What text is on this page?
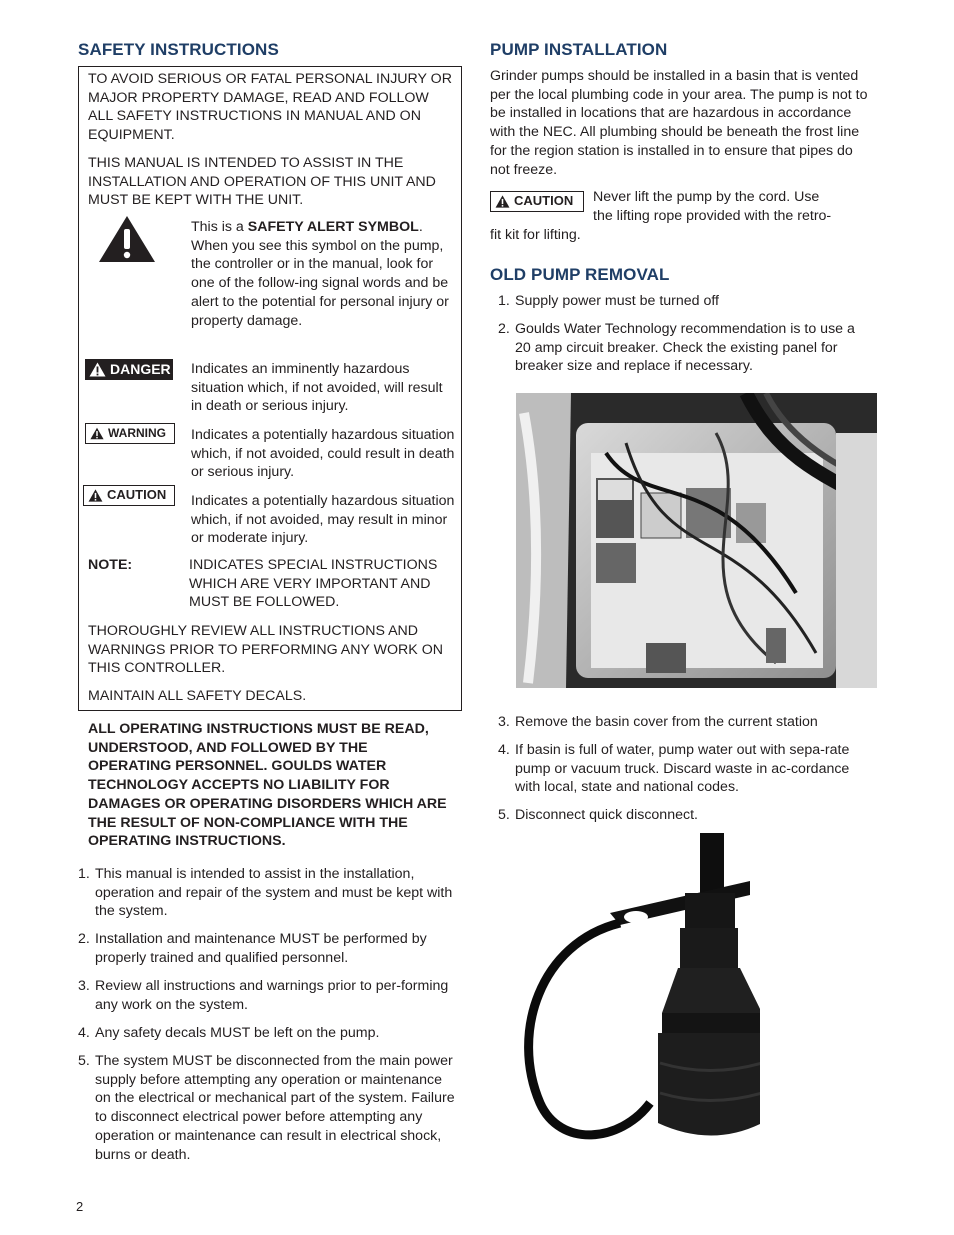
SAFETY INSTRUCTIONS
TO AVOID SERIOUS OR FATAL PERSONAL INJURY OR MAJOR PROPERTY DAMAGE, READ AND FOLLOW ALL SAFETY INSTRUCTIONS IN MANUAL AND ON EQUIPMENT.
THIS MANUAL IS INTENDED TO ASSIST IN THE INSTALLATION AND OPERATION OF THIS UNIT AND MUST BE KEPT WITH THE UNIT.
This is a SAFETY ALERT SYMBOL. When you see this symbol on the pump, the controller or in the manual, look for one of the follow-ing signal words and be alert to the potential for personal injury or property damage.
DANGER Indicates an imminently hazardous situation which, if not avoided, will result in death or serious injury.
WARNING Indicates a potentially hazardous situation which, if not avoided, could result in death or serious injury.
CAUTION Indicates a potentially hazardous situation which, if not avoided, may result in minor or moderate injury.
NOTE:	INDICATES SPECIAL INSTRUCTIONS WHICH ARE VERY IMPORTANT AND MUST BE FOLLOWED.
THOROUGHLY REVIEW ALL INSTRUCTIONS AND WARNINGS PRIOR TO PERFORMING ANY WORK ON THIS CONTROLLER.
MAINTAIN ALL SAFETY DECALS.
ALL OPERATING INSTRUCTIONS MUST BE READ, UNDERSTOOD, AND FOLLOWED BY THE OPERATING PERSONNEL. GOULDS WATER TECHNOLOGY ACCEPTS NO LIABILITY FOR DAMAGES OR OPERATING DISORDERS WHICH ARE THE RESULT OF NON-COMPLIANCE WITH THE OPERATING INSTRUCTIONS.
1. This manual is intended to assist in the installation, operation and repair of the system and must be kept with the system.
2. Installation and maintenance MUST be performed by properly trained and qualified personnel.
3. Review all instructions and warnings prior to per-forming any work on the system.
4. Any safety decals MUST be left on the pump.
5. The system MUST be disconnected from the main power supply before attempting any operation or maintenance on the electrical or mechanical part of the system. Failure to disconnect electrical power before attempting any operation or maintenance can result in electrical shock, burns or death.
2
PUMP INSTALLATION
Grinder pumps should be installed in a basin that is vented per the local plumbing code in your area. The pump is not to be installed in locations that are hazardous in accordance with the NEC. All plumbing should be beneath the frost line for the region station is installed in to ensure that pipes do not freeze.
CAUTION Never lift the pump by the cord. Use
the lifting rope provided with the retro-
fit kit for lifting.
OLD PUMP REMOVAL
1. Supply power must be turned off
2. Goulds Water Technology recommendation is to use a 20 amp circuit breaker. Check the existing panel for breaker size and replace if necessary.
3. Remove the basin cover from the current station
4. If basin is full of water, pump water out with sepa-rate pump or vacuum truck. Discard waste in ac-cordance with local, state and national codes.
5. Disconnect quick disconnect.
